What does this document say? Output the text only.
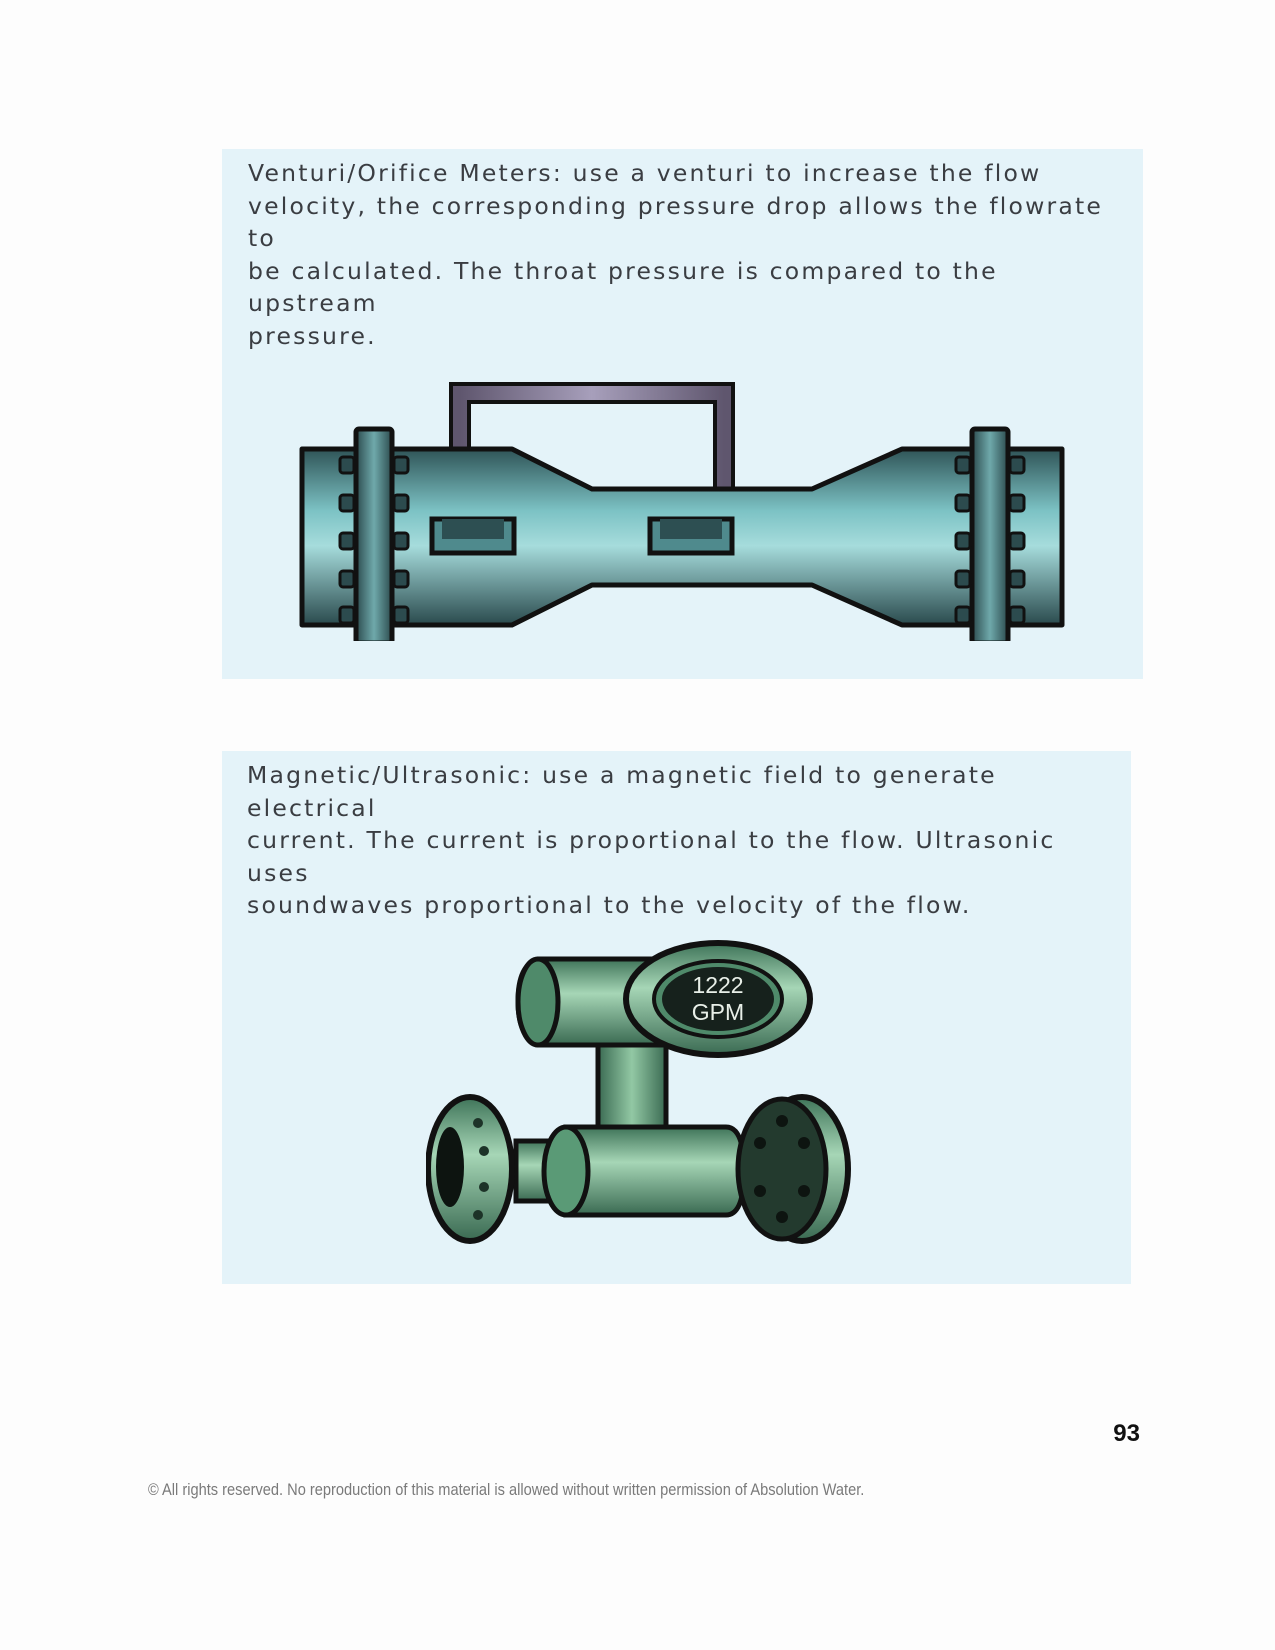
Venturi/Orifice Meters: use a venturi to increase the flow
velocity, the corresponding pressure drop allows the flowrate to
be calculated. The throat pressure is compared to the upstream
pressure.

Magnetic/Ultrasonic: use a magnetic field to generate electrical
current. The current is proportional to the flow. Ultrasonic uses
soundwaves proportional to the velocity of the flow.

1222
GPM
93
© All rights reserved. No reproduction of this material is allowed without written permission of Absolution Water.
